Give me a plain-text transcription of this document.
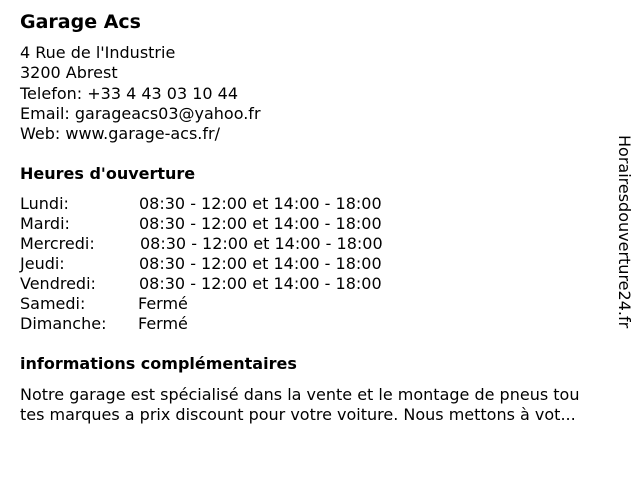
Garage Acs
4 Rue de l'Industrie
3200 Abrest
Telefon: +33 4 43 03 10 44
Email: garageacs03@yahoo.fr
Web: www.garage-acs.fr/
Heures d'ouverture
Lundi:	08:30 - 12:00 et 14:00 - 18:00
Mardi:	08:30 - 12:00 et 14:00 - 18:00
Mercredi:	08:30 - 12:00 et 14:00 - 18:00
Jeudi:	08:30 - 12:00 et 14:00 - 18:00
Vendredi:	08:30 - 12:00 et 14:00 - 18:00
Samedi:	Fermé
Dimanche: Fermé
informations complémentaires
Notre garage est spécialisé dans la vente et le montage de pneus tou
tes marques a prix discount pour votre voiture. Nous mettons à vot...
Horairesdouverture24.fr
